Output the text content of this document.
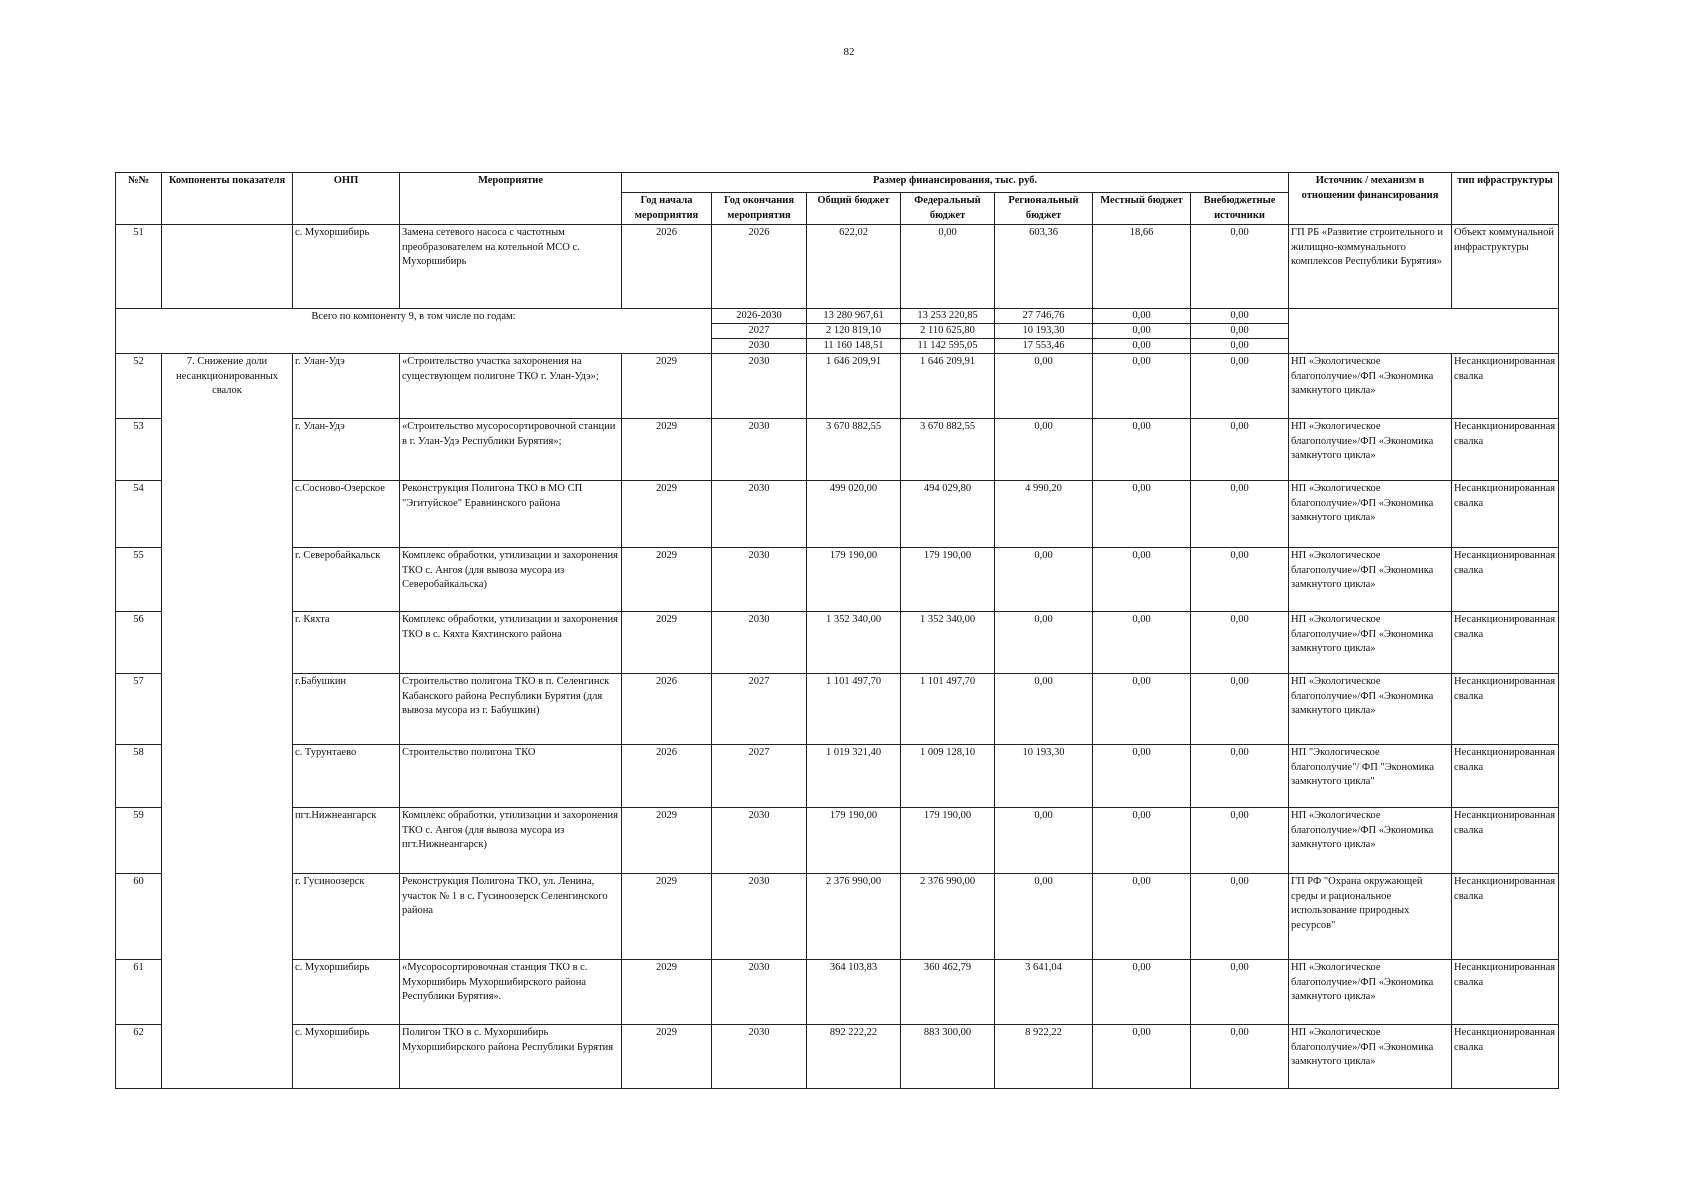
82
№№	Компоненты показателя	ОНП	Мероприятие	Размер финансирования, тыс. руб.							Источник / механизм в отношении финансирования	тип ифраструктуры
				Год начала мероприятия	Год окончания мероприятия	Общий бюджет	Федеральный бюджет	Региональный бюджет	Местный бюджет	Внебюджетные источники		
51		с. Мухоршибирь	Замена сетевого насоса с частотным преобразователем на котельной МСО с. Мухоршибирь	2026	2026	622,02	0,00	603,36	18,66	0,00	ГП РБ «Развитие строительного и жилищно-коммунального комплексов Республики Бурятия»	Объект коммунальной инфраструктуры
Всего по компоненту 9, в том числе по годам:					2026-2030	13 280 967,61	13 253 220,85	27 746,76	0,00	0,00		
					2027	2 120 819,10	2 110 625,80	10 193,30	0,00	0,00		
					2030	11 160 148,51	11 142 595,05	17 553,46	0,00	0,00		
52	7. Снижение доли несанкционированных свалок	г. Улан-Удэ	«Строительство участка захоронения на существующем полигоне ТКО г. Улан-Удэ»;	2029	2030	1 646 209,91	1 646 209,91	0,00	0,00	0,00	НП «Экологическое благополучие»/ФП «Экономика замкнутого цикла»	Несанкционированная свалка
53		г. Улан-Удэ	«Строительство мусоросортировочной станции в г. Улан-Удэ Республики Бурятия»;	2029	2030	3 670 882,55	3 670 882,55	0,00	0,00	0,00	НП «Экологическое благополучие»/ФП «Экономика замкнутого цикла»	Несанкционированная свалка
54		с.Сосново-Озерское	Реконструкция Полигона ТКО в МО СП "Эгитуйское" Еравнинского района	2029	2030	499 020,00	494 029,80	4 990,20	0,00	0,00	НП «Экологическое благополучие»/ФП «Экономика замкнутого цикла»	Несанкционированная свалка
55		г. Северобайкальск	Комплекс обработки, утилизации и захоронения ТКО с. Ангоя (для вывоза мусора из Северобайкальска)	2029	2030	179 190,00	179 190,00	0,00	0,00	0,00	НП «Экологическое благополучие»/ФП «Экономика замкнутого цикла»	Несанкционированная свалка
56		г. Кяхта	Комплекс обработки, утилизации и захоронения ТКО в с. Кяхта Кяхтинского района	2029	2030	1 352 340,00	1 352 340,00	0,00	0,00	0,00	НП «Экологическое благополучие»/ФП «Экономика замкнутого цикла»	Несанкционированная свалка
57		г.Бабушкин	Строительство полигона ТКО в п. Селенгинск Кабанского района Республики Бурятия (для вывоза мусора из г. Бабушкин)	2026	2027	1 101 497,70	1 101 497,70	0,00	0,00	0,00	НП «Экологическое благополучие»/ФП «Экономика замкнутого цикла»	Несанкционированная свалка
58		с. Турунтаево	Строительство полигона ТКО	2026	2027	1 019 321,40	1 009 128,10	10 193,30	0,00	0,00	НП "Экологическое благополучие"/ ФП "Экономика замкнутого цикла"	Несанкционированная свалка
59		пгт.Нижнеангарск	Комплекс обработки, утилизации и захоронения ТКО с. Ангоя (для вывоза мусора из пгт.Нижнеангарск)	2029	2030	179 190,00	179 190,00	0,00	0,00	0,00	НП «Экологическое благополучие»/ФП «Экономика замкнутого цикла»	Несанкционированная свалка
60		г. Гусиноозерск	Реконструкция Полигона ТКО, ул. Ленина, участок № 1 в с. Гусиноозерск Селенгинского района	2029	2030	2 376 990,00	2 376 990,00	0,00	0,00	0,00	ГП РФ "Охрана окружающей среды и рациональное использование природных ресурсов"	Несанкционированная свалка
61		с. Мухоршибирь	«Мусоросортировочная станция ТКО в с. Мухоршибирь Мухоршибирского района Республики Бурятия».	2029	2030	364 103,83	360 462,79	3 641,04	0,00	0,00	НП «Экологическое благополучие»/ФП «Экономика замкнутого цикла»	Несанкционированная свалка
62		с. Мухоршибирь	Полигон ТКО в с. Мухоршибирь Мухоршибирского района Республики Бурятия	2029	2030	892 222,22	883 300,00	8 922,22	0,00	0,00	НП «Экологическое благополучие»/ФП «Экономика замкнутого цикла»	Несанкционированная свалка
